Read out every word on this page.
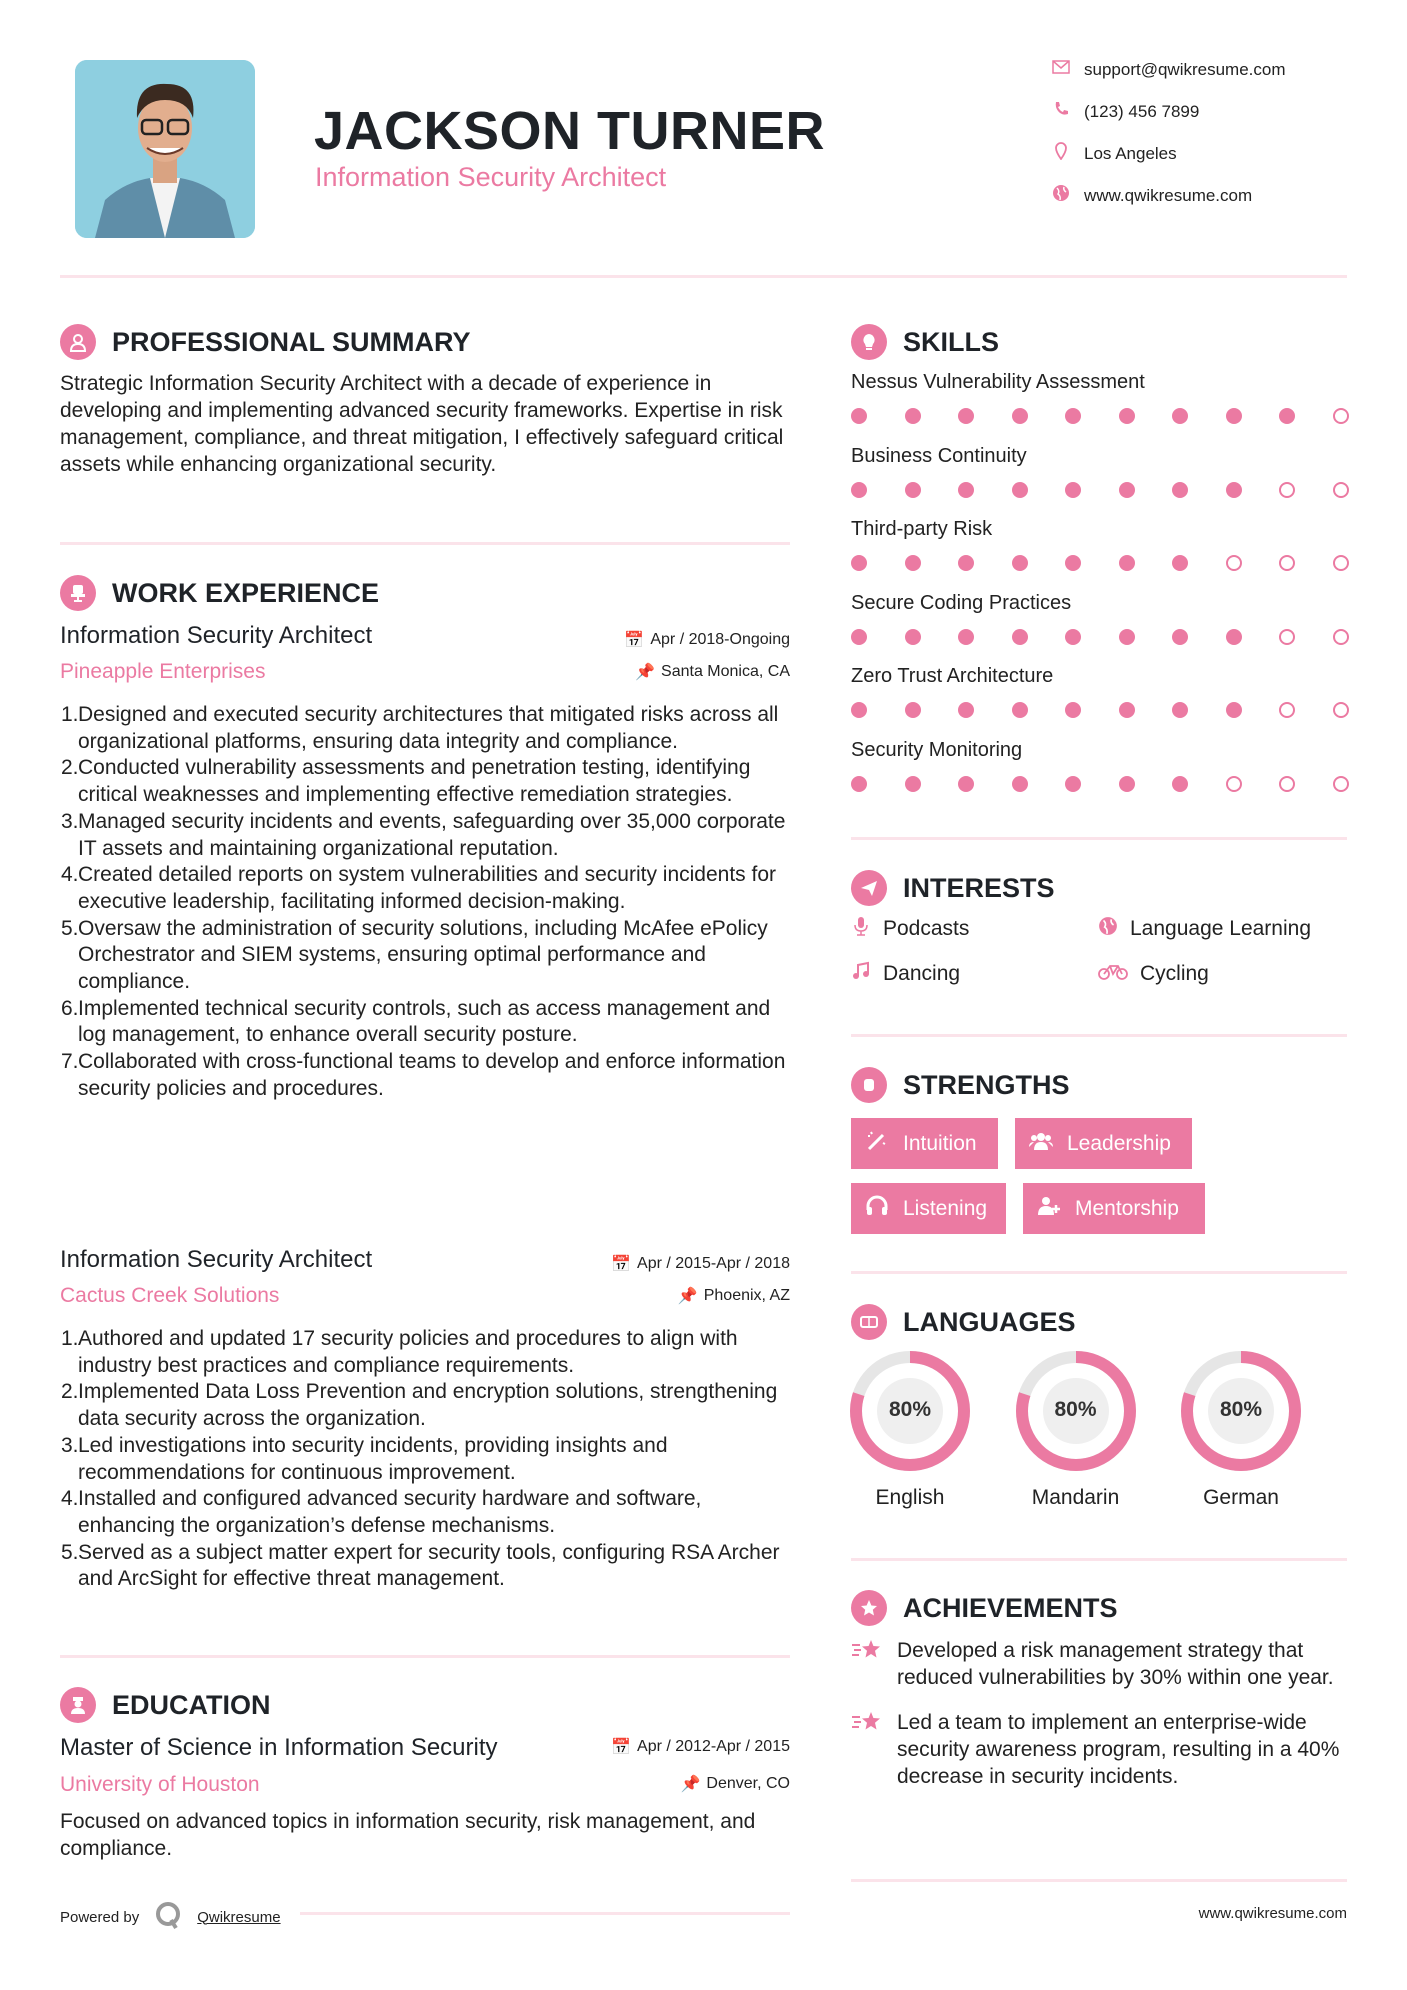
JACKSON TURNER
Information Security Architect
support@qwikresume.com
(123) 456 7899
Los Angeles
www.qwikresume.com
PROFESSIONAL SUMMARY
Strategic Information Security Architect with a decade of experience in developing and implementing advanced security frameworks. Expertise in risk management, compliance, and threat mitigation, I effectively safeguard critical assets while enhancing organizational security.
WORK EXPERIENCE
Information Security Architect	📅 Apr / 2018-Ongoing
Pineapple Enterprises	📌 Santa Monica, CA
1. Designed and executed security architectures that mitigated risks across all organizational platforms, ensuring data integrity and compliance.
2. Conducted vulnerability assessments and penetration testing, identifying critical weaknesses and implementing effective remediation strategies.
3. Managed security incidents and events, safeguarding over 35,000 corporate IT assets and maintaining organizational reputation.
4. Created detailed reports on system vulnerabilities and security incidents for executive leadership, facilitating informed decision-making.
5. Oversaw the administration of security solutions, including McAfee ePolicy Orchestrator and SIEM systems, ensuring optimal performance and compliance.
6. Implemented technical security controls, such as access management and log management, to enhance overall security posture.
7. Collaborated with cross-functional teams to develop and enforce information security policies and procedures.
Information Security Architect	📅 Apr / 2015-Apr / 2018
Cactus Creek Solutions	📌 Phoenix, AZ
1. Authored and updated 17 security policies and procedures to align with industry best practices and compliance requirements.
2. Implemented Data Loss Prevention and encryption solutions, strengthening data security across the organization.
3. Led investigations into security incidents, providing insights and recommendations for continuous improvement.
4. Installed and configured advanced security hardware and software, enhancing the organization’s defense mechanisms.
5. Served as a subject matter expert for security tools, configuring RSA Archer and ArcSight for effective threat management.
EDUCATION
Master of Science in Information Security	📅 Apr / 2012-Apr / 2015
University of Houston	📌 Denver, CO
Focused on advanced topics in information security, risk management, and compliance.
Powered by	Qwikresume
SKILLS
Nessus Vulnerability Assessment
Business Continuity
Third-party Risk
Secure Coding Practices
Zero Trust Architecture
Security Monitoring
INTERESTS
Podcasts	Language Learning
Dancing	Cycling
STRENGTHS
Intuition	Leadership
Listening	Mentorship
LANGUAGES
80%
English
80%
Mandarin
80%
German
ACHIEVEMENTS
Developed a risk management strategy that reduced vulnerabilities by 30% within one year.
Led a team to implement an enterprise-wide security awareness program, resulting in a 40% decrease in security incidents.
www.qwikresume.com
